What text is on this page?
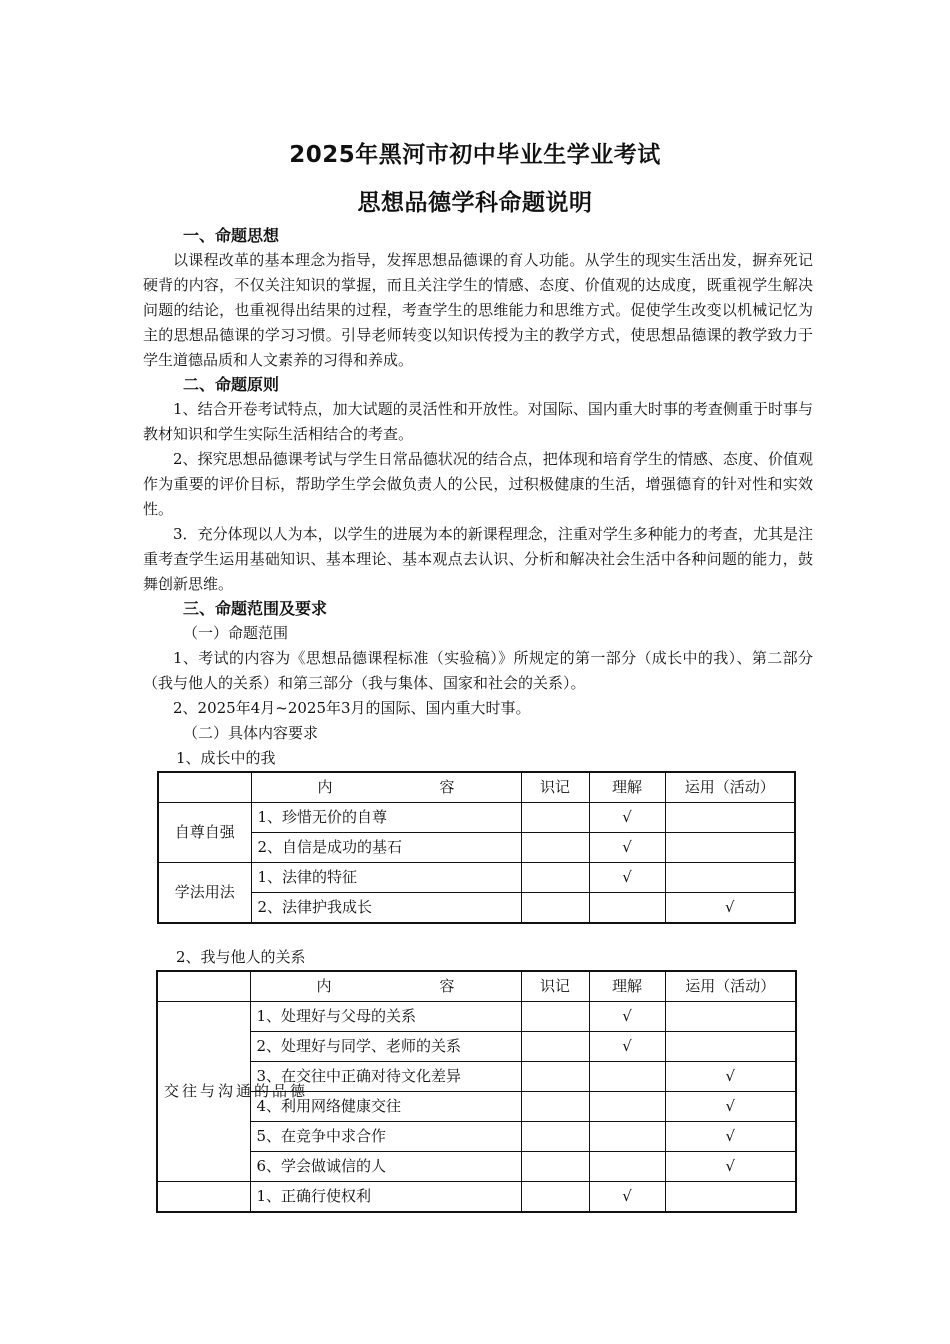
2025年黑河市初中毕业生学业考试
思想品德学科命题说明
一、命题思想

以课程改革的基本理念为指导，发挥思想品德课的育人功能。从学生的现实生活出发，摒弃死记硬背的内容，不仅关注知识的掌握，而且关注学生的情感、态度、价值观的达成度，既重视学生解决问题的结论，也重视得出结果的过程，考查学生的思维能力和思维方式。促使学生改变以机械记忆为主的思想品德课的学习习惯。引导老师转变以知识传授为主的教学方式，使思想品德课的教学致力于学生道德品质和人文素养的习得和养成。

二、命题原则

1、结合开卷考试特点，加大试题的灵活性和开放性。对国际、国内重大时事的考查侧重于时事与教材知识和学生实际生活相结合的考查。

2、探究思想品德课考试与学生日常品德状况的结合点，把体现和培育学生的情感、态度、价值观作为重要的评价目标，帮助学生学会做负责人的公民，过积极健康的生活，增强德育的针对性和实效性。

3．充分体现以人为本，以学生的进展为本的新课程理念，注重对学生多种能力的考查，尤其是注重考查学生运用基础知识、基本理论、基本观点去认识、分析和解决社会生活中各种问题的能力，鼓舞创新思维。

三、命题范围及要求
（一）命题范围

1、考试的内容为《思想品德课程标准（实验稿）》所规定的第一部分（成长中的我）、第二部分（我与他人的关系）和第三部分（我与集体、国家和社会的关系）。

2、2025年4月~2025年3月的国际、国内重大时事。

（二）具体内容要求
1、成长中的我

	内 容	识记	理解	运用（活动）
自尊自强	1、珍惜无价的自尊		√	
	2、自信是成功的基石		√	
学法用法	1、法律的特征		√	
	2、法律护我成长			√
2、我与他人的关系

	内 容	识记	理解	运用（活动）
交往与沟通的品德	1、处理好与父母的关系		√	
	2、处理好与同学、老师的关系		√	
	3、在交往中正确对待文化差异			√
	4、利用网络健康交往			√
	5、在竞争中求合作			√
	6、学会做诚信的人			√
	1、正确行使权利		√	
